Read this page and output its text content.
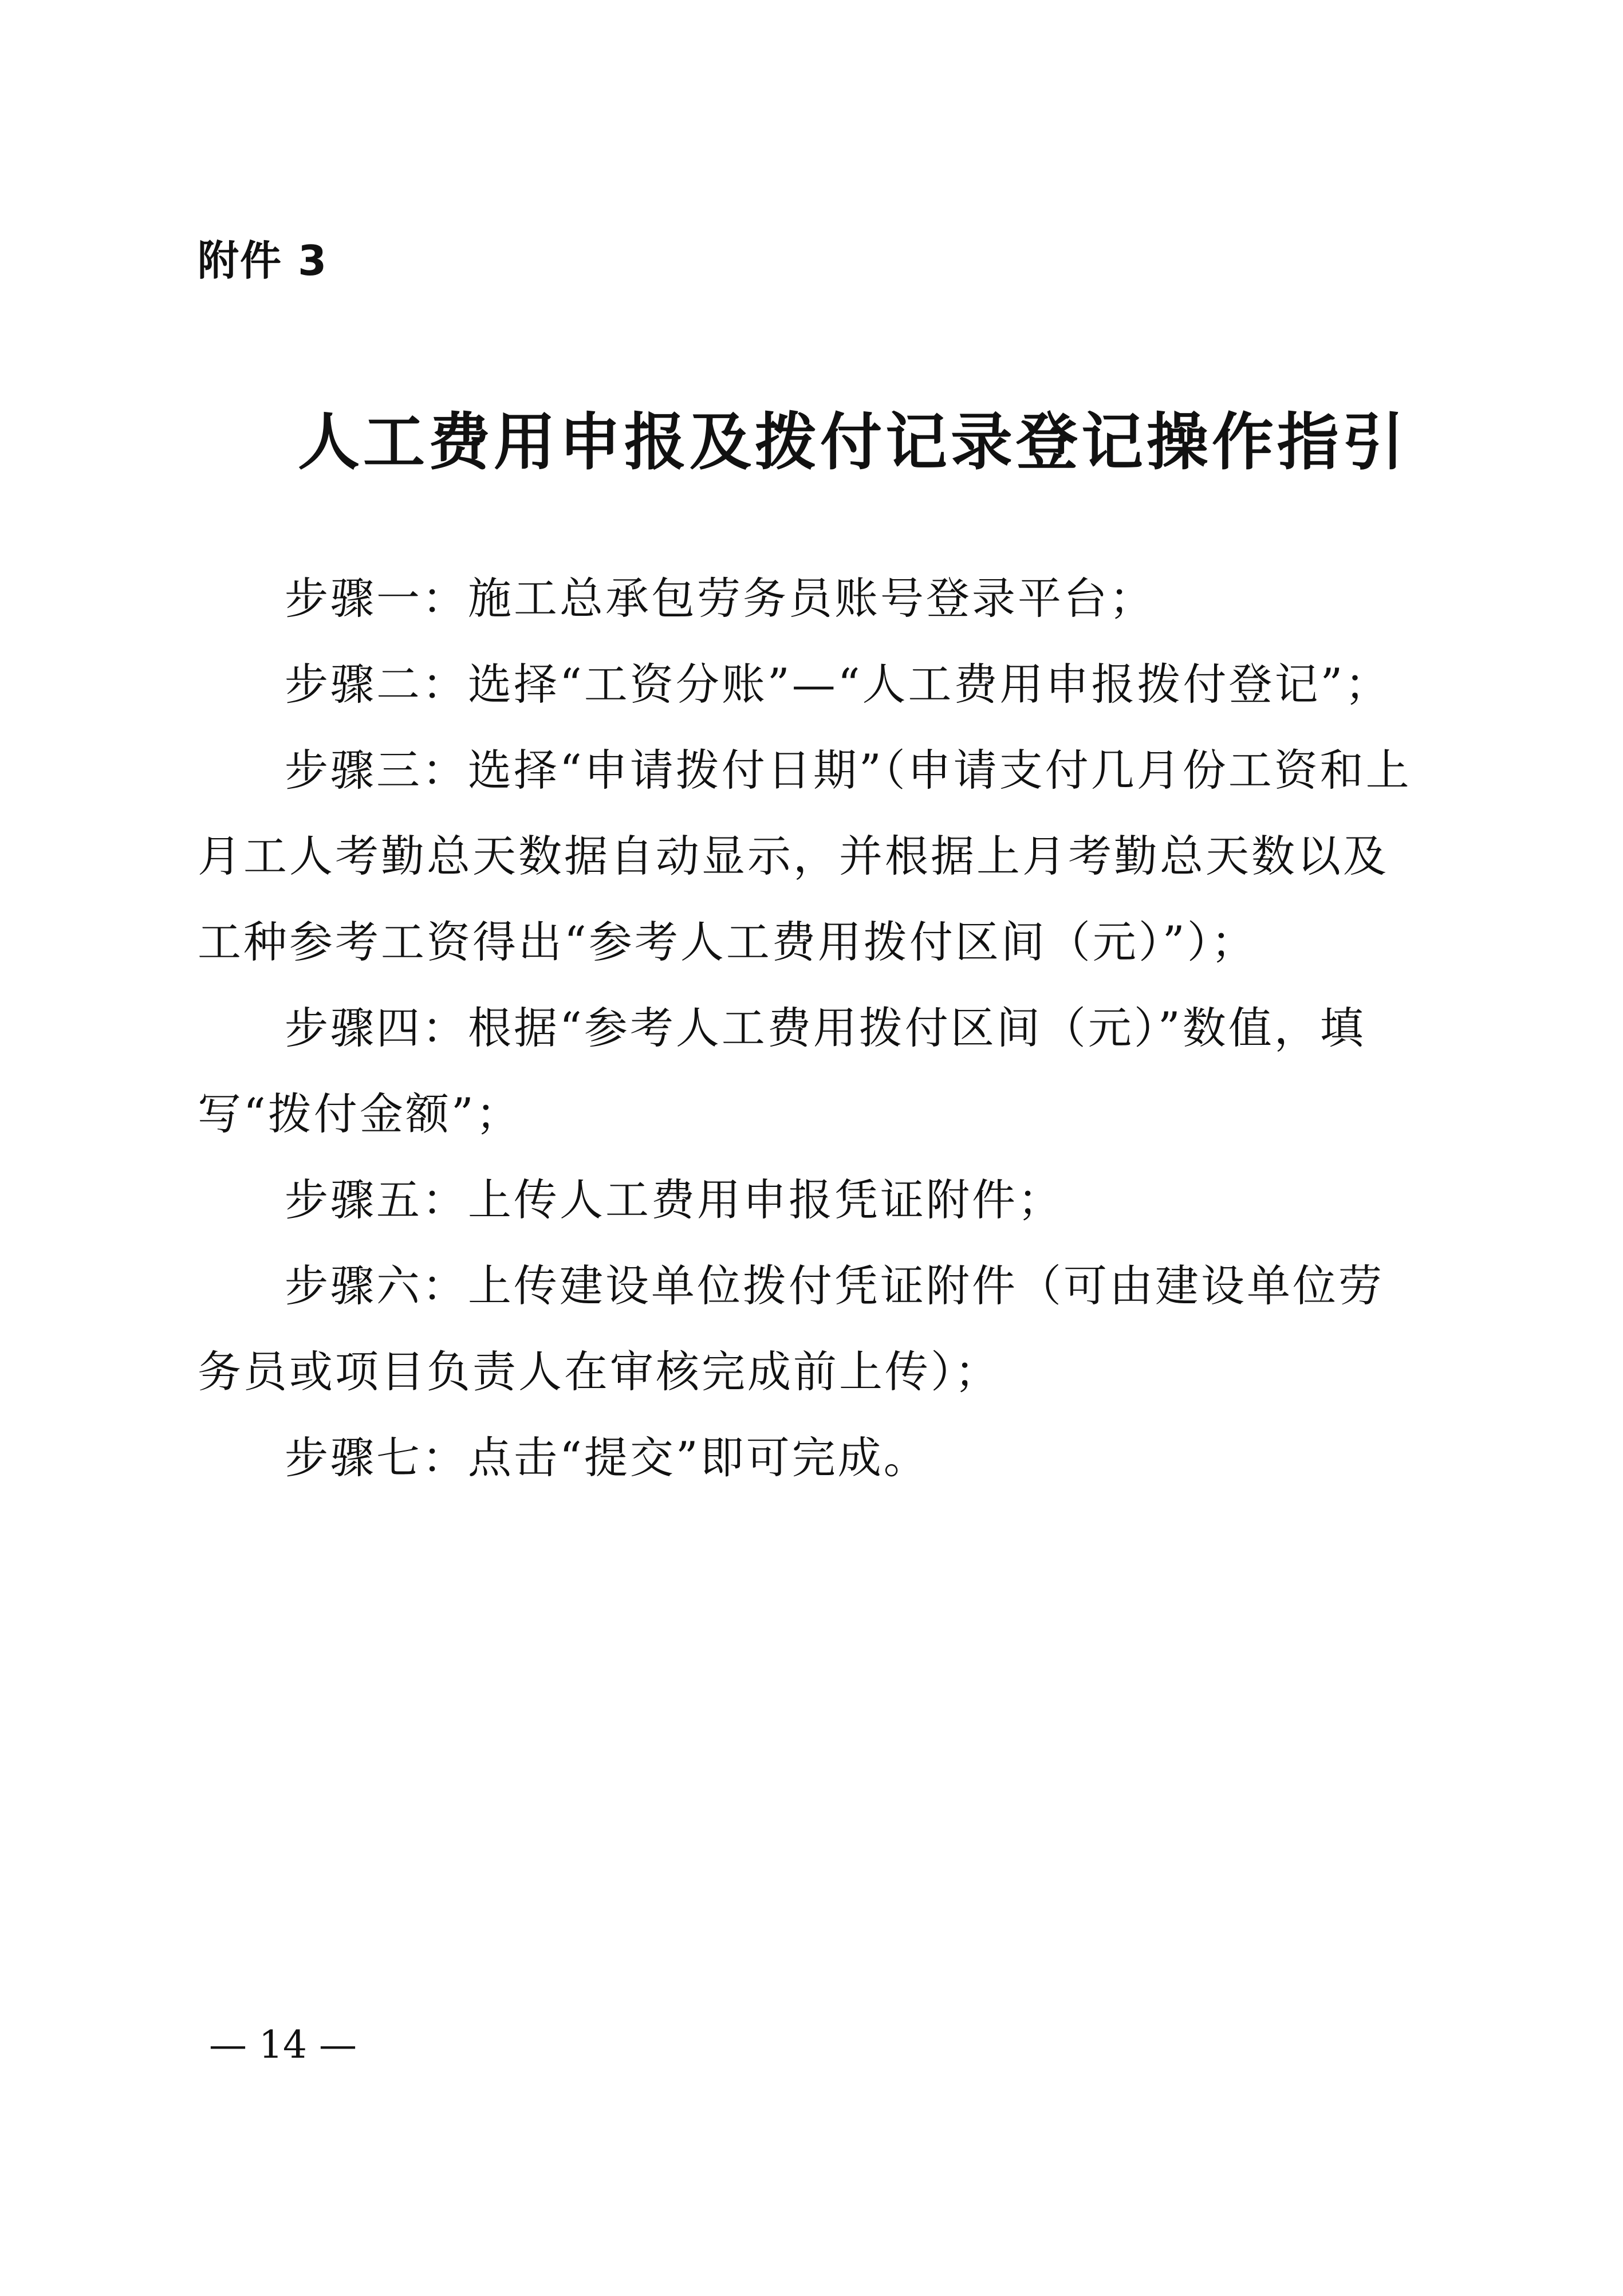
附件 3
人工费用申报及拨付记录登记操作指引

步骤一：施工总承包劳务员账号登录平台；

步骤二：选择“工资分账”—“人工费用申报拨付登记”；

步骤三：选择“申请拨付日期”（申请支付几月份工资和上月工人考勤总天数据自动显示，并根据上月考勤总天数以及工种参考工资得出“参考人工费用拨付区间（元）”）；

步骤四：根据“参考人工费用拨付区间（元）”数值，填写“拨付金额”；

步骤五：上传人工费用申报凭证附件；

步骤六：上传建设单位拨付凭证附件（可由建设单位劳务员或项目负责人在审核完成前上传）；

步骤七：点击“提交”即可完成。

— 14 —
